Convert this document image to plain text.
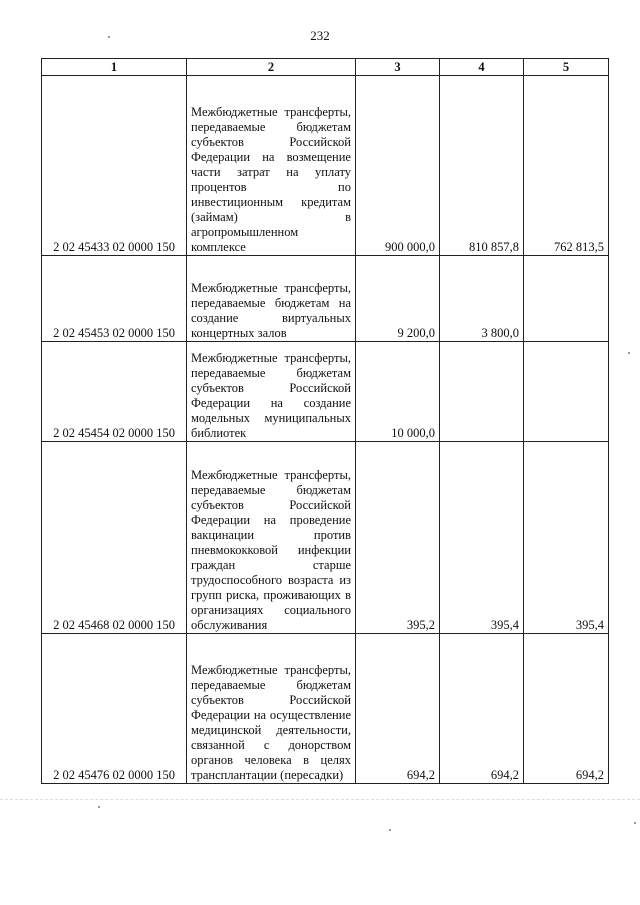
232
1	2	3	4	5
2 02 45433 02 0000 150	Межбюджетные трансферты, передаваемые бюджетам субъектов Российской Федерации на возмещение части затрат на уплату процентов по инвестиционным кредитам (займам) в агропромышленном комплексе	900 000,0	810 857,8	762 813,5
2 02 45453 02 0000 150	Межбюджетные трансферты, передаваемые бюджетам на создание виртуальных концертных залов	9 200,0	3 800,0	
2 02 45454 02 0000 150	Межбюджетные трансферты, передаваемые бюджетам субъектов Российской Федерации на создание модельных муниципальных библиотек	10 000,0		
2 02 45468 02 0000 150	Межбюджетные трансферты, передаваемые бюджетам субъектов Российской Федерации на проведение вакцинации против пневмококковой инфекции граждан старше трудоспособного возраста из групп риска, проживающих в организациях социального обслуживания	395,2	395,4	395,4
2 02 45476 02 0000 150	Межбюджетные трансферты, передаваемые бюджетам субъектов Российской Федерации на осуществление медицинской деятельности, связанной с донорством органов человека в целях трансплантации (пересадки)	694,2	694,2	694,2
